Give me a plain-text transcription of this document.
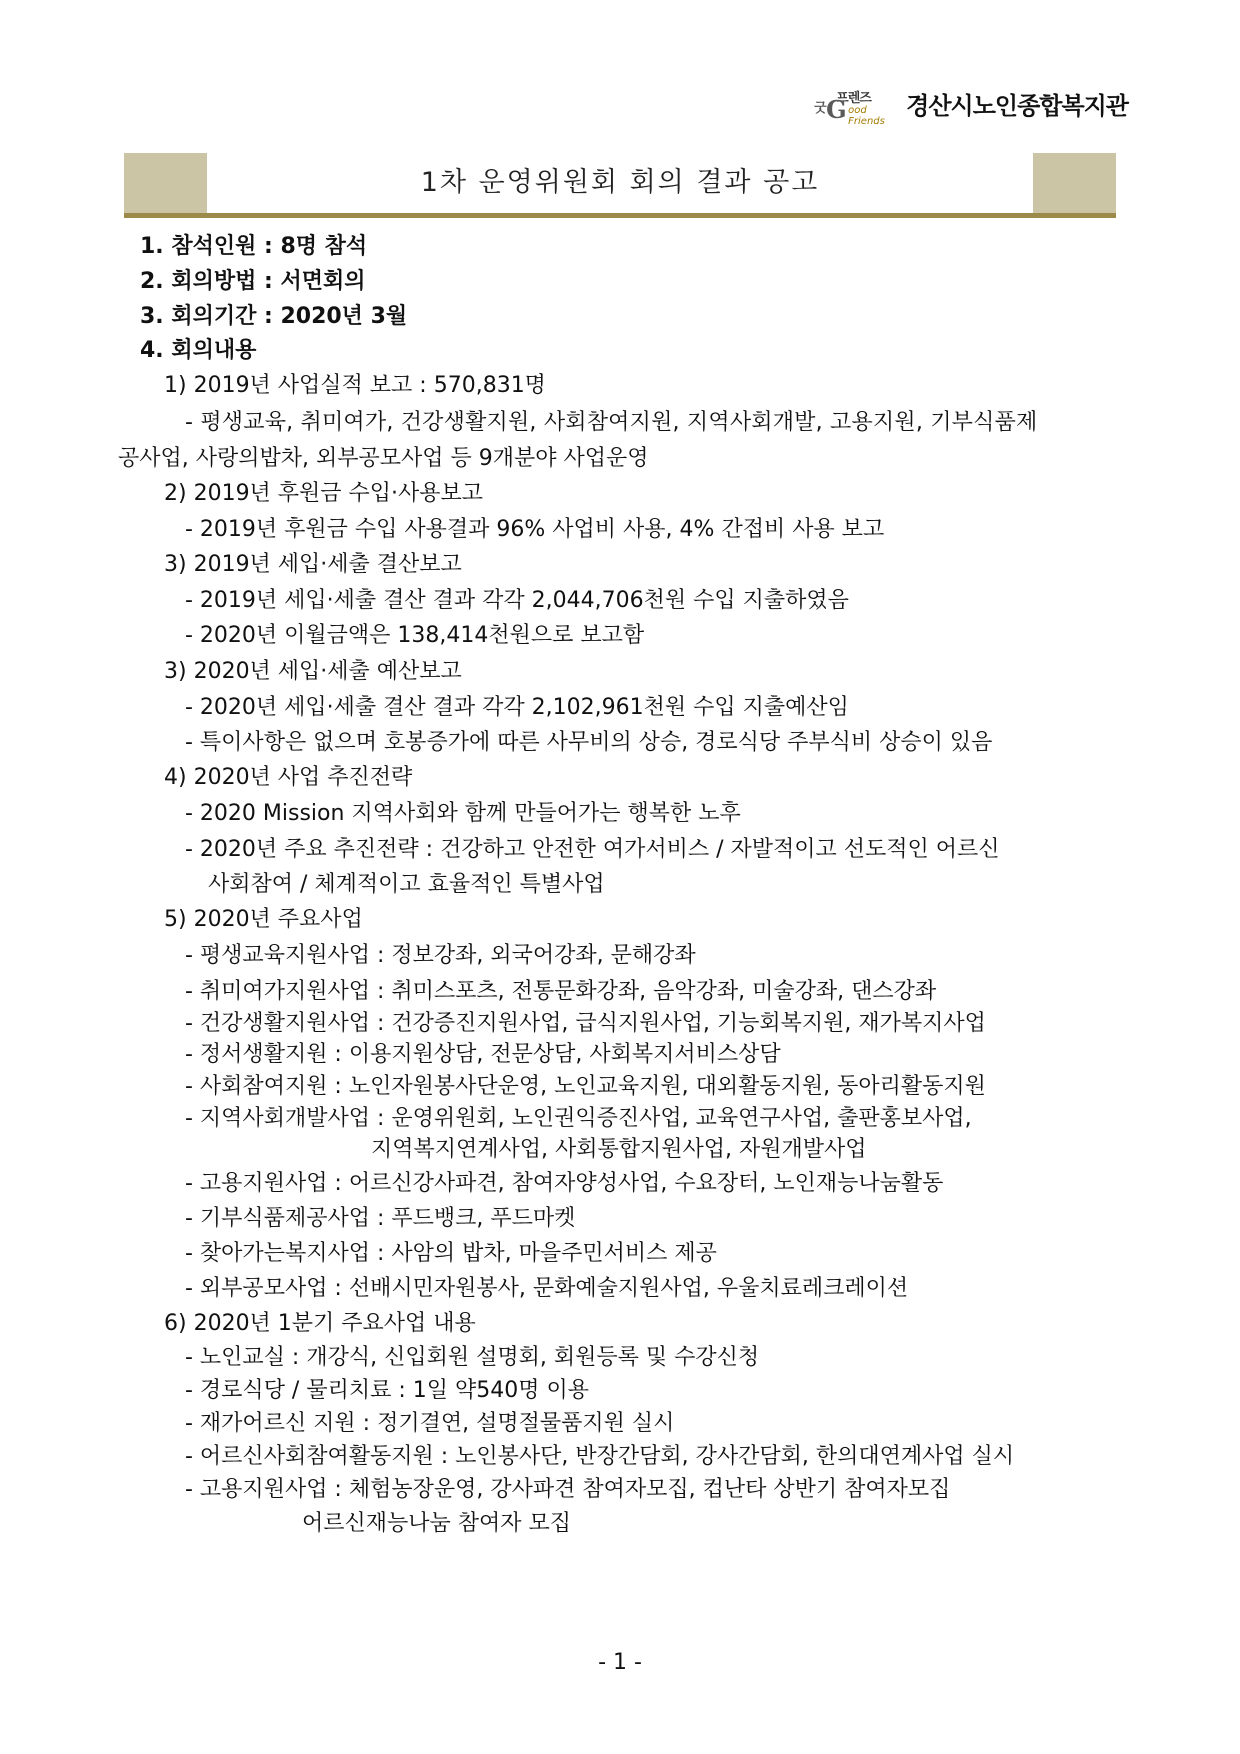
굿
프렌즈
G ood Friends
경산시노인종합복지관
1차 운영위원회 회의 결과 공고
1. 참석인원 : 8명 참석
2. 회의방법 : 서면회의
3. 회의기간 : 2020년 3월
4. 회의내용
1) 2019년 사업실적 보고 : 570,831명
- 평생교육, 취미여가, 건강생활지원, 사회참여지원, 지역사회개발, 고용지원, 기부식품제
공사업, 사랑의밥차, 외부공모사업 등 9개분야 사업운영
2) 2019년 후원금 수입·사용보고
- 2019년 후원금 수입 사용결과 96% 사업비 사용, 4% 간접비 사용 보고
3) 2019년 세입·세출 결산보고
- 2019년 세입·세출 결산 결과 각각 2,044,706천원 수입 지출하였음
- 2020년 이월금액은 138,414천원으로 보고함
3) 2020년 세입·세출 예산보고
- 2020년 세입·세출 결산 결과 각각 2,102,961천원 수입 지출예산임
- 특이사항은 없으며 호봉증가에 따른 사무비의 상승, 경로식당 주부식비 상승이 있음
4) 2020년 사업 추진전략
- 2020 Mission 지역사회와 함께 만들어가는 행복한 노후
- 2020년 주요 추진전략 : 건강하고 안전한 여가서비스 / 자발적이고 선도적인 어르신
사회참여 / 체계적이고 효율적인 특별사업
5) 2020년 주요사업
- 평생교육지원사업 : 정보강좌, 외국어강좌, 문해강좌
- 취미여가지원사업 : 취미스포츠, 전통문화강좌, 음악강좌, 미술강좌, 댄스강좌
- 건강생활지원사업 : 건강증진지원사업, 급식지원사업, 기능회복지원, 재가복지사업
- 정서생활지원 : 이용지원상담, 전문상담, 사회복지서비스상담
- 사회참여지원 : 노인자원봉사단운영, 노인교육지원, 대외활동지원, 동아리활동지원
- 지역사회개발사업 : 운영위원회, 노인권익증진사업, 교육연구사업, 출판홍보사업,
지역복지연계사업, 사회통합지원사업, 자원개발사업
- 고용지원사업 : 어르신강사파견, 참여자양성사업, 수요장터, 노인재능나눔활동
- 기부식품제공사업 : 푸드뱅크, 푸드마켓
- 찾아가는복지사업 : 사암의 밥차, 마을주민서비스 제공
- 외부공모사업 : 선배시민자원봉사, 문화예술지원사업, 우울치료레크레이션
6) 2020년 1분기 주요사업 내용
- 노인교실 : 개강식, 신입회원 설명회, 회원등록 및 수강신청
- 경로식당 / 물리치료 : 1일 약540명 이용
- 재가어르신 지원 : 정기결연, 설명절물품지원 실시
- 어르신사회참여활동지원 : 노인봉사단, 반장간담회, 강사간담회, 한의대연계사업 실시
- 고용지원사업 : 체험농장운영, 강사파견 참여자모집, 컵난타 상반기 참여자모집
어르신재능나눔 참여자 모집
- 1 -
